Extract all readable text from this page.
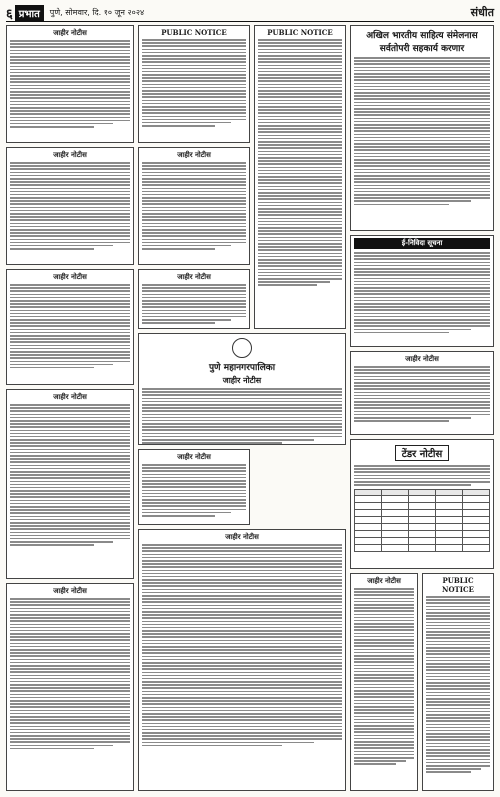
६ प्रभात	पुणे, सोमवार, दि. १० जून २०२४	संधीत
जाहीर नोटीस
जाहीर नोटीस
जाहीर नोटीस
जाहीर नोटीस
जाहीर नोटीस
PUBLIC NOTICE
जाहीर नोटीस
जाहीर नोटीस
पुणे महानगरपालिका
जाहीर नोटीस
जाहीर नोटीस
जाहीर नोटीस
PUBLIC NOTICE	अखिल भारतीय साहित्य संमेलनास सर्वतोपरी सहकार्य करणार
ई-निविदा सूचना
जाहीर नोटीस
टेंडर नोटीस

जाहीर नोटीस	PUBLIC NOTICE
